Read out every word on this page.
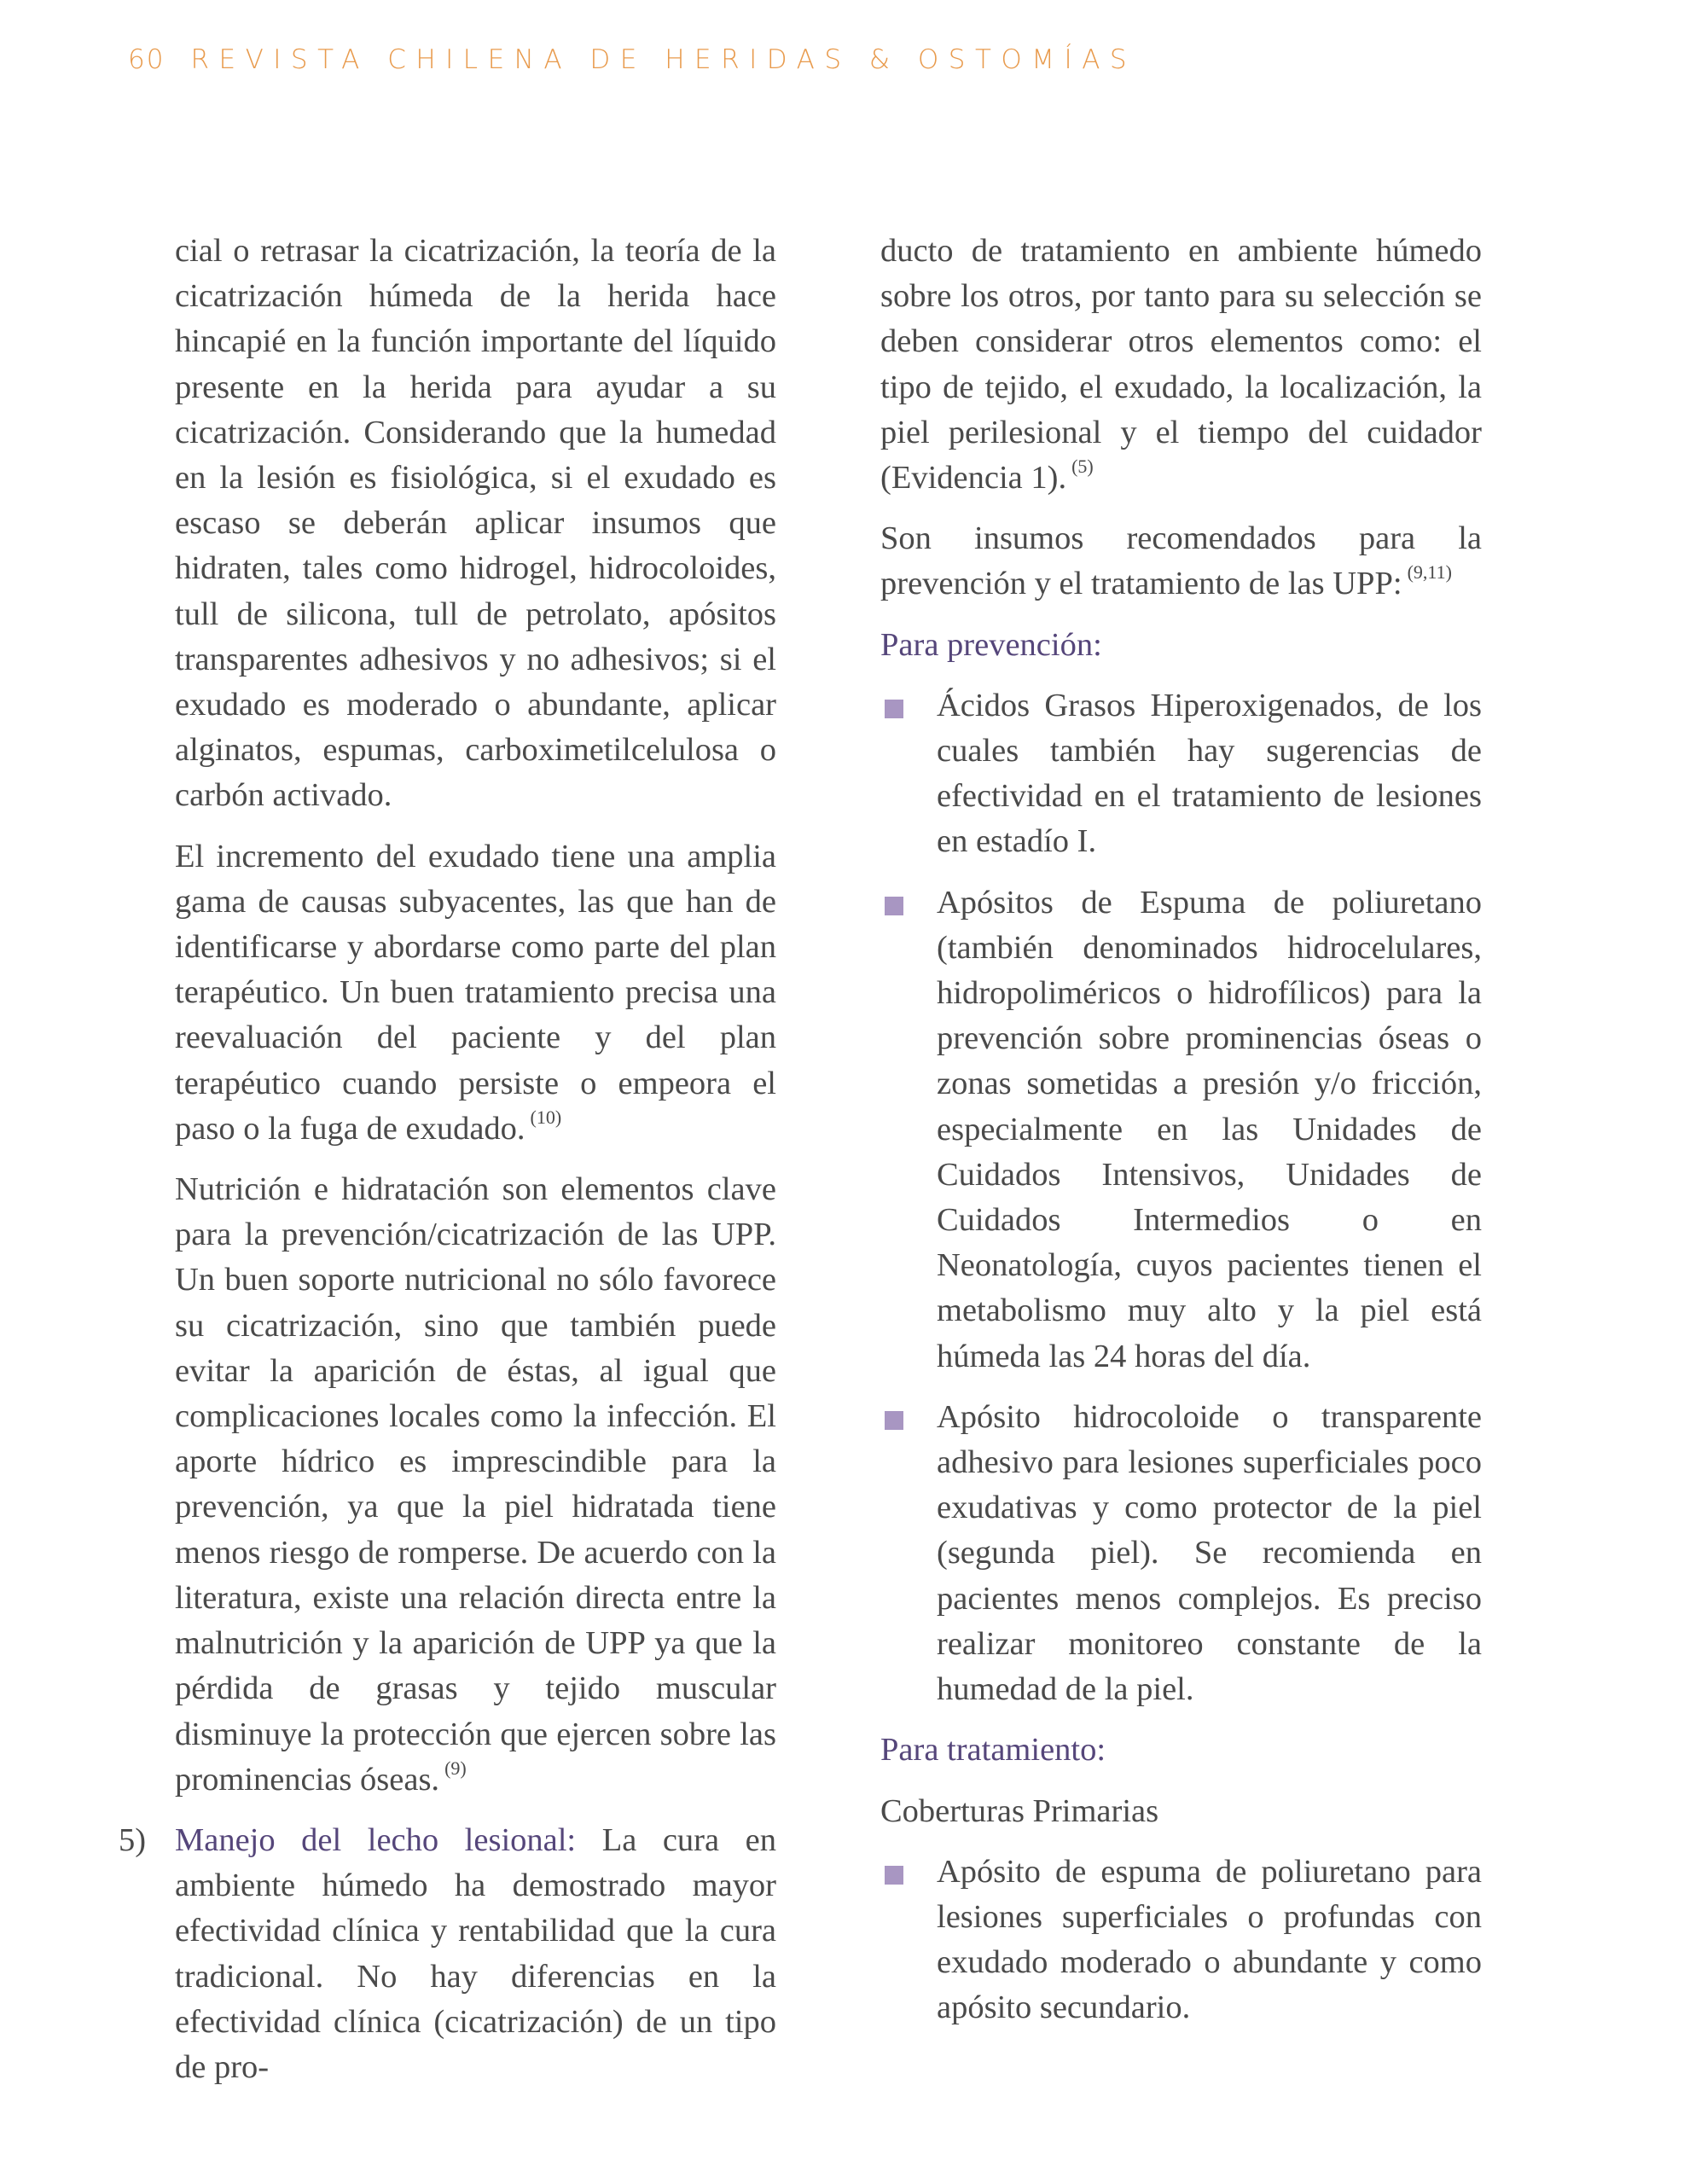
60 REVISTA CHILENA DE HERIDAS & OSTOMÍAS

cial o retrasar la cicatrización, la teoría de la cicatrización húmeda de la herida hace hincapié en la función importante del líquido presente en la herida para ayudar a su cicatrización. Considerando que la humedad en la lesión es fisiológica, si el exudado es escaso se deberán aplicar insumos que hidraten, tales como hidrogel, hidrocoloides, tull de silicona, tull de petrolato, apósitos transparentes adhesivos y no adhesivos; si el exudado es moderado o abundante, aplicar alginatos, espumas, carboximetilcelulosa o carbón activado.

El incremento del exudado tiene una amplia gama de causas subyacentes, las que han de identificarse y abordarse como parte del plan terapéutico. Un buen tratamiento precisa una reevaluación del paciente y del plan terapéutico cuando persiste o empeora el paso o la fuga de exudado. $^{(10)}$

Nutrición e hidratación son elementos clave para la prevención/cicatrización de las UPP. Un buen soporte nutricional no sólo favorece su cicatrización, sino que también puede evitar la aparición de éstas, al igual que complicaciones locales como la infección. El aporte hídrico es imprescindible para la prevención, ya que la piel hidratada tiene menos riesgo de romperse. De acuerdo con la literatura, existe una relación directa entre la malnutrición y la aparición de UPP ya que la pérdida de grasas y tejido muscular disminuye la protección que ejercen sobre las prominencias óseas. $^{(9)}$

5) Manejo del lecho lesional: La cura en ambiente húmedo ha demostrado mayor efectividad clínica y rentabilidad que la cura tradicional. No hay diferencias en la efectividad clínica (cicatrización) de un tipo de pro-

ducto de tratamiento en ambiente húmedo sobre los otros, por tanto para su selección se deben considerar otros elementos como: el tipo de tejido, el exudado, la localización, la piel perilesional y el tiempo del cuidador (Evidencia 1). $^{(5)}$

Son insumos recomendados para la prevención y el tratamiento de las UPP: $^{(9,11)}$

Para prevención:
Ácidos Grasos Hiperoxigenados, de los cuales también hay sugerencias de efectividad en el tratamiento de lesiones en estadío I.
Apósitos de Espuma de poliuretano (también denominados hidrocelulares, hidropoliméricos o hidrofílicos) para la prevención sobre prominencias óseas o zonas sometidas a presión y/o fricción, especialmente en las Unidades de Cuidados Intensivos, Unidades de Cuidados Intermedios o en Neonatología, cuyos pacientes tienen el metabolismo muy alto y la piel está húmeda las 24 horas del día.
Apósito hidrocoloide o transparente adhesivo para lesiones superficiales poco exudativas y como protector de la piel (segunda piel). Se recomienda en pacientes menos complejos. Es preciso realizar monitoreo constante de la humedad de la piel.
Para tratamiento:
Coberturas Primarias
Apósito de espuma de poliuretano para lesiones superficiales o profundas con exudado moderado o abundante y como apósito secundario.
